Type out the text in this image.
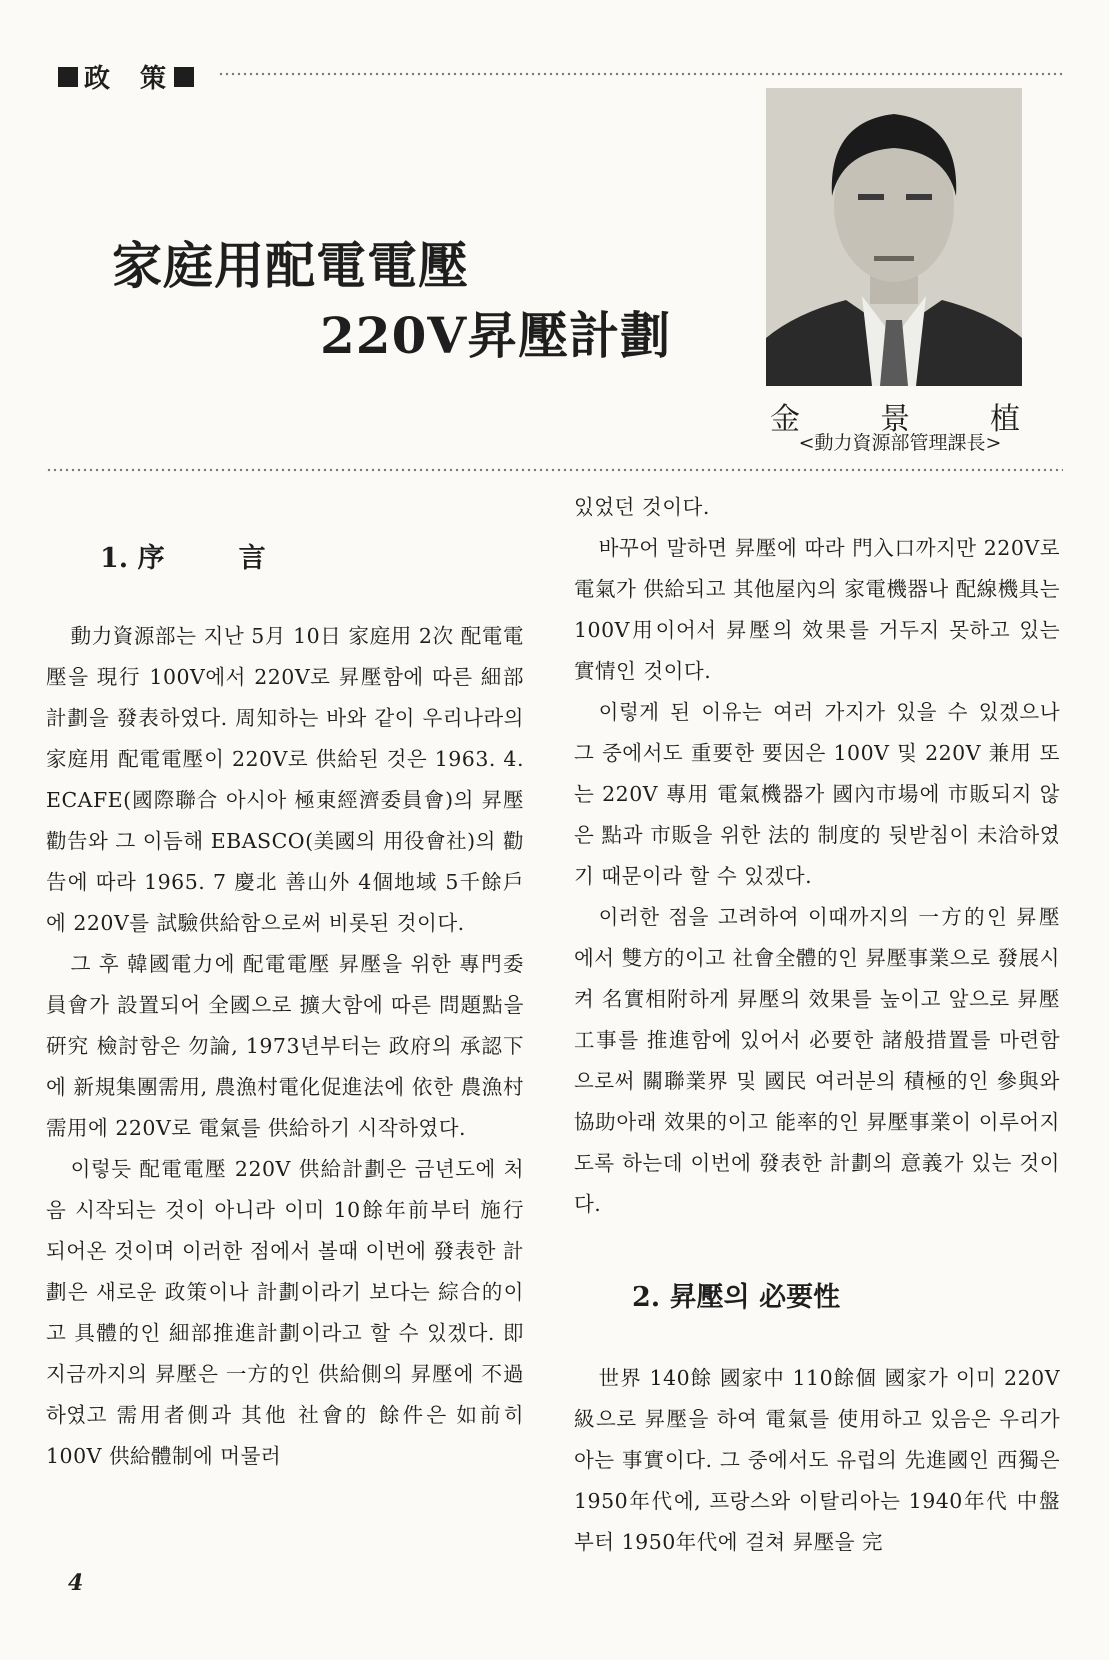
政　策
家庭用配電電壓
220V昇壓計劃
金	景	植
<動力資源部管理課長>
1. 序	言

動力資源部는 지난 5月 10日 家庭用 2次 配電電壓을 現行 100V에서 220V로 昇壓함에 따른 細部計劃을 發表하였다. 周知하는 바와 같이 우리나라의 家庭用 配電電壓이 220V로 供給된 것은 1963. 4. ECAFE(國際聯合 아시아 極東經濟委員會)의 昇壓勸告와 그 이듬해 EBASCO(美國의 用役會社)의 勸告에 따라 1965. 7 慶北 善山外 4個地域 5千餘戶에 220V를 試驗供給함으로써 비롯된 것이다.

그 후 韓國電力에 配電電壓 昇壓을 위한 專門委員會가 設置되어 全國으로 擴大함에 따른 問題點을 硏究 檢討함은 勿論, 1973년부터는 政府의 承認下에 新規集團需用, 農漁村電化促進法에 依한 農漁村需用에 220V로 電氣를 供給하기 시작하였다.

이렇듯 配電電壓 220V 供給計劃은 금년도에 처음 시작되는 것이 아니라 이미 10餘年前부터 施行되어온 것이며 이러한 점에서 볼때 이번에 發表한 計劃은 새로운 政策이나 計劃이라기 보다는 綜合的이고 具體的인 細部推進計劃이라고 할 수 있겠다. 即 지금까지의 昇壓은 一方的인 供給側의 昇壓에 不過하였고 需用者側과 其他 社會的 餘件은 如前히 100V 供給體制에 머물러

있었던 것이다.

바꾸어 말하면 昇壓에 따라 門入口까지만 220V로 電氣가 供給되고 其他屋內의 家電機器나 配線機具는 100V用이어서 昇壓의 效果를 거두지 못하고 있는 實情인 것이다.

이렇게 된 이유는 여러 가지가 있을 수 있겠으나 그 중에서도 重要한 要因은 100V 및 220V 兼用 또는 220V 專用 電氣機器가 國內市場에 市販되지 않은 點과 市販을 위한 法的 制度的 뒷받침이 未洽하였기 때문이라 할 수 있겠다.

이러한 점을 고려하여 이때까지의 一方的인 昇壓에서 雙方的이고 社會全體的인 昇壓事業으로 發展시켜 名實相附하게 昇壓의 效果를 높이고 앞으로 昇壓工事를 推進함에 있어서 必要한 諸般措置를 마련함으로써 關聯業界 및 國民 여러분의 積極的인 參與와 協助아래 效果的이고 能率的인 昇壓事業이 이루어지도록 하는데 이번에 發表한 計劃의 意義가 있는 것이다.

2. 昇壓의 必要性

世界 140餘 國家中 110餘個 國家가 이미 220V級으로 昇壓을 하여 電氣를 使用하고 있음은 우리가 아는 事實이다. 그 중에서도 유럽의 先進國인 西獨은 1950年代에, 프랑스와 이탈리아는 1940年代 中盤부터 1950年代에 걸쳐 昇壓을 完

4
